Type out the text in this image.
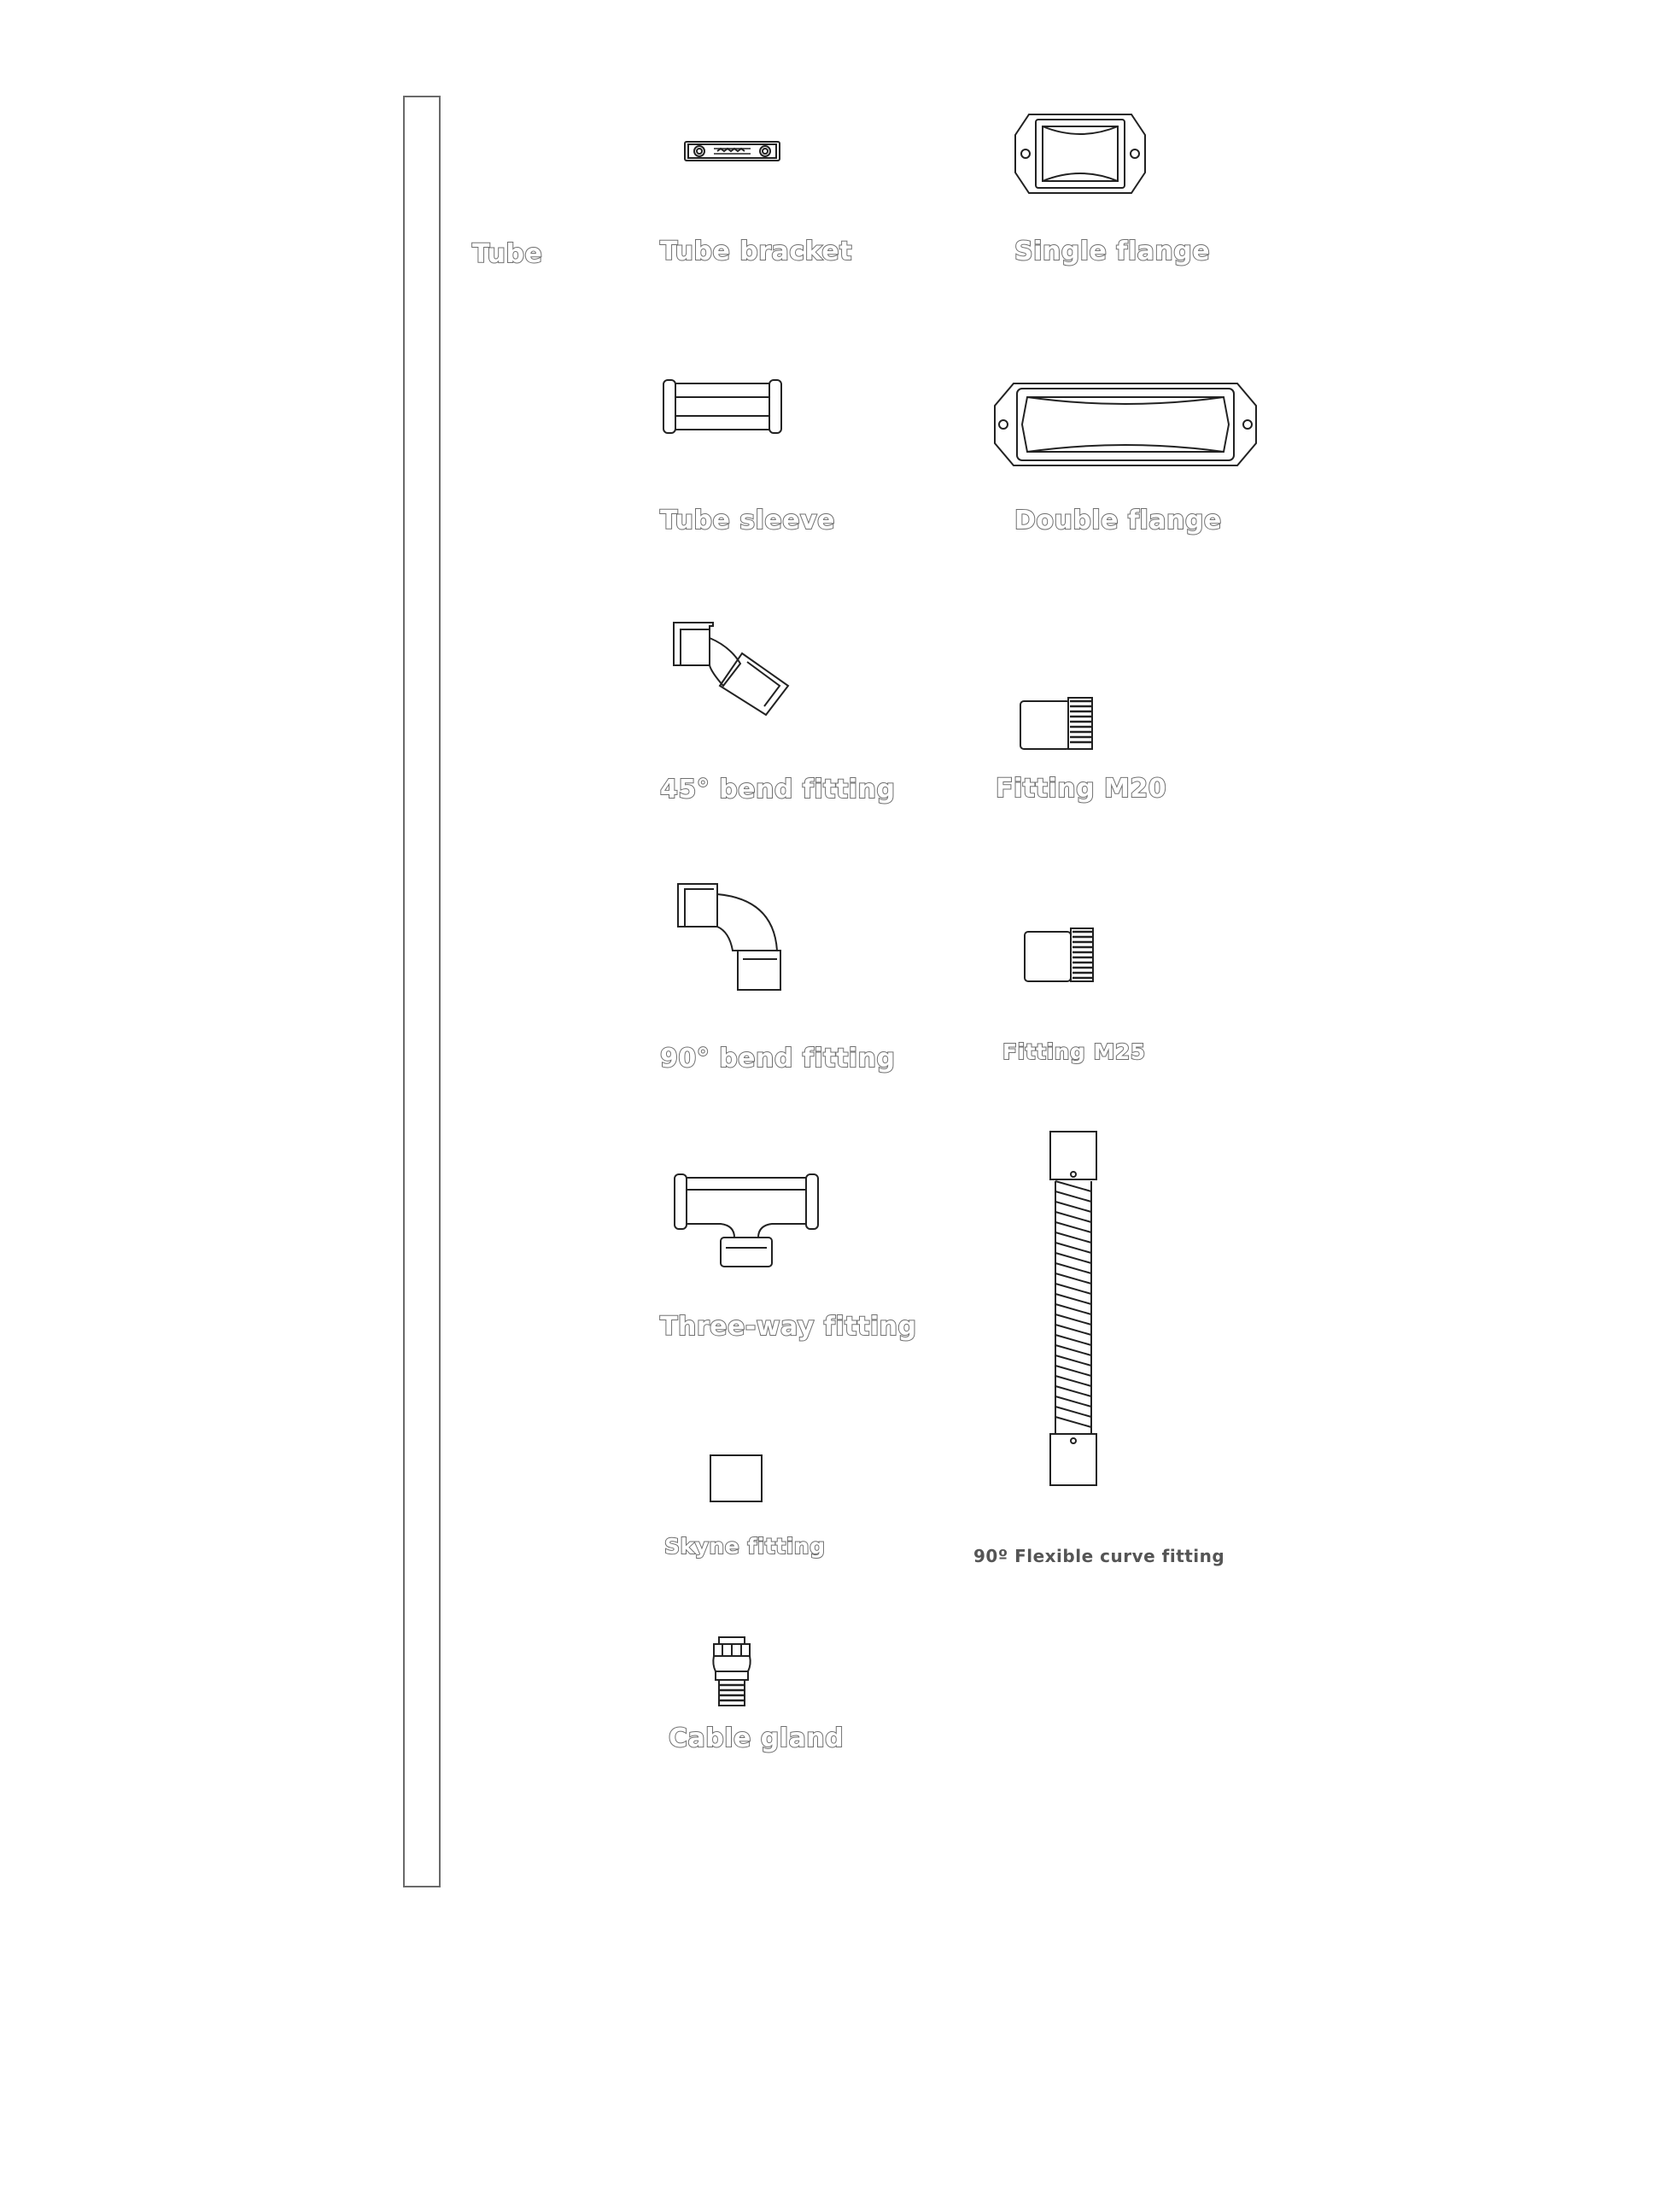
Tube	Tube bracket	Single flange
Tube sleeve	Double flange
45° bend fitting	Fitting M20
90° bend fitting	Fitting M25
Three-way fitting
90º Flexible curve fitting
Skyne fitting
Cable gland
